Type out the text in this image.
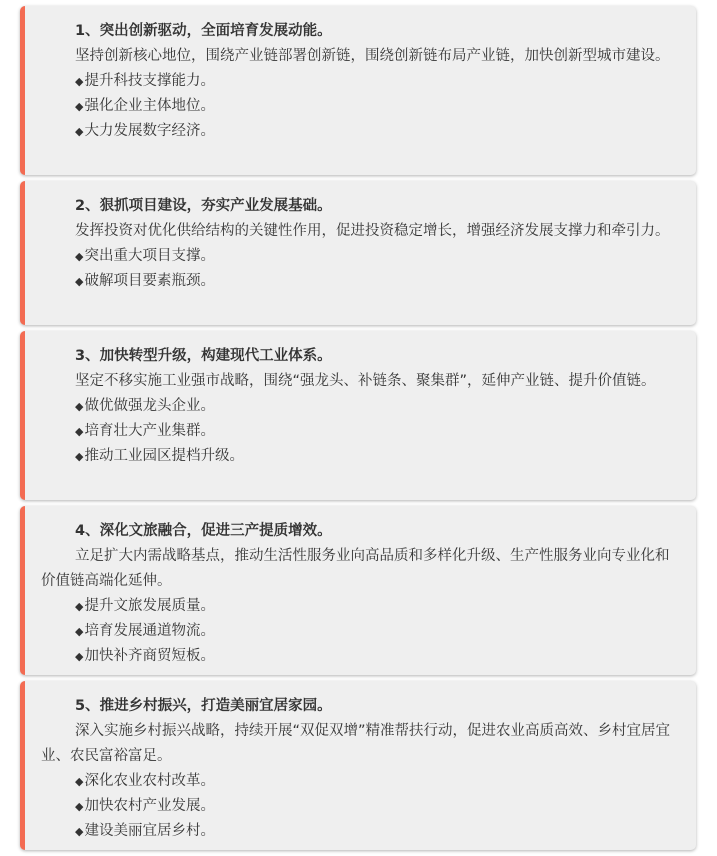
1、突出创新驱动，全面培育发展动能。
坚持创新核心地位，围绕产业链部署创新链，围绕创新链布局产业链，加快创新型城市建设。
◆提升科技支撑能力。
◆强化企业主体地位。
◆大力发展数字经济。
2、狠抓项目建设，夯实产业发展基础。
发挥投资对优化供给结构的关键性作用，促进投资稳定增长，增强经济发展支撑力和牵引力。
◆突出重大项目支撑。
◆破解项目要素瓶颈。
3、加快转型升级，构建现代工业体系。
坚定不移实施工业强市战略，围绕“强龙头、补链条、聚集群”，延伸产业链、提升价值链。
◆做优做强龙头企业。
◆培育壮大产业集群。
◆推动工业园区提档升级。
4、深化文旅融合，促进三产提质增效。
立足扩大内需战略基点，推动生活性服务业向高品质和多样化升级、生产性服务业向专业化和价值链高端化延伸。
◆提升文旅发展质量。
◆培育发展通道物流。
◆加快补齐商贸短板。
5、推进乡村振兴，打造美丽宜居家园。
深入实施乡村振兴战略，持续开展“双促双增”精准帮扶行动，促进农业高质高效、乡村宜居宜业、农民富裕富足。
◆深化农业农村改革。
◆加快农村产业发展。
◆建设美丽宜居乡村。
